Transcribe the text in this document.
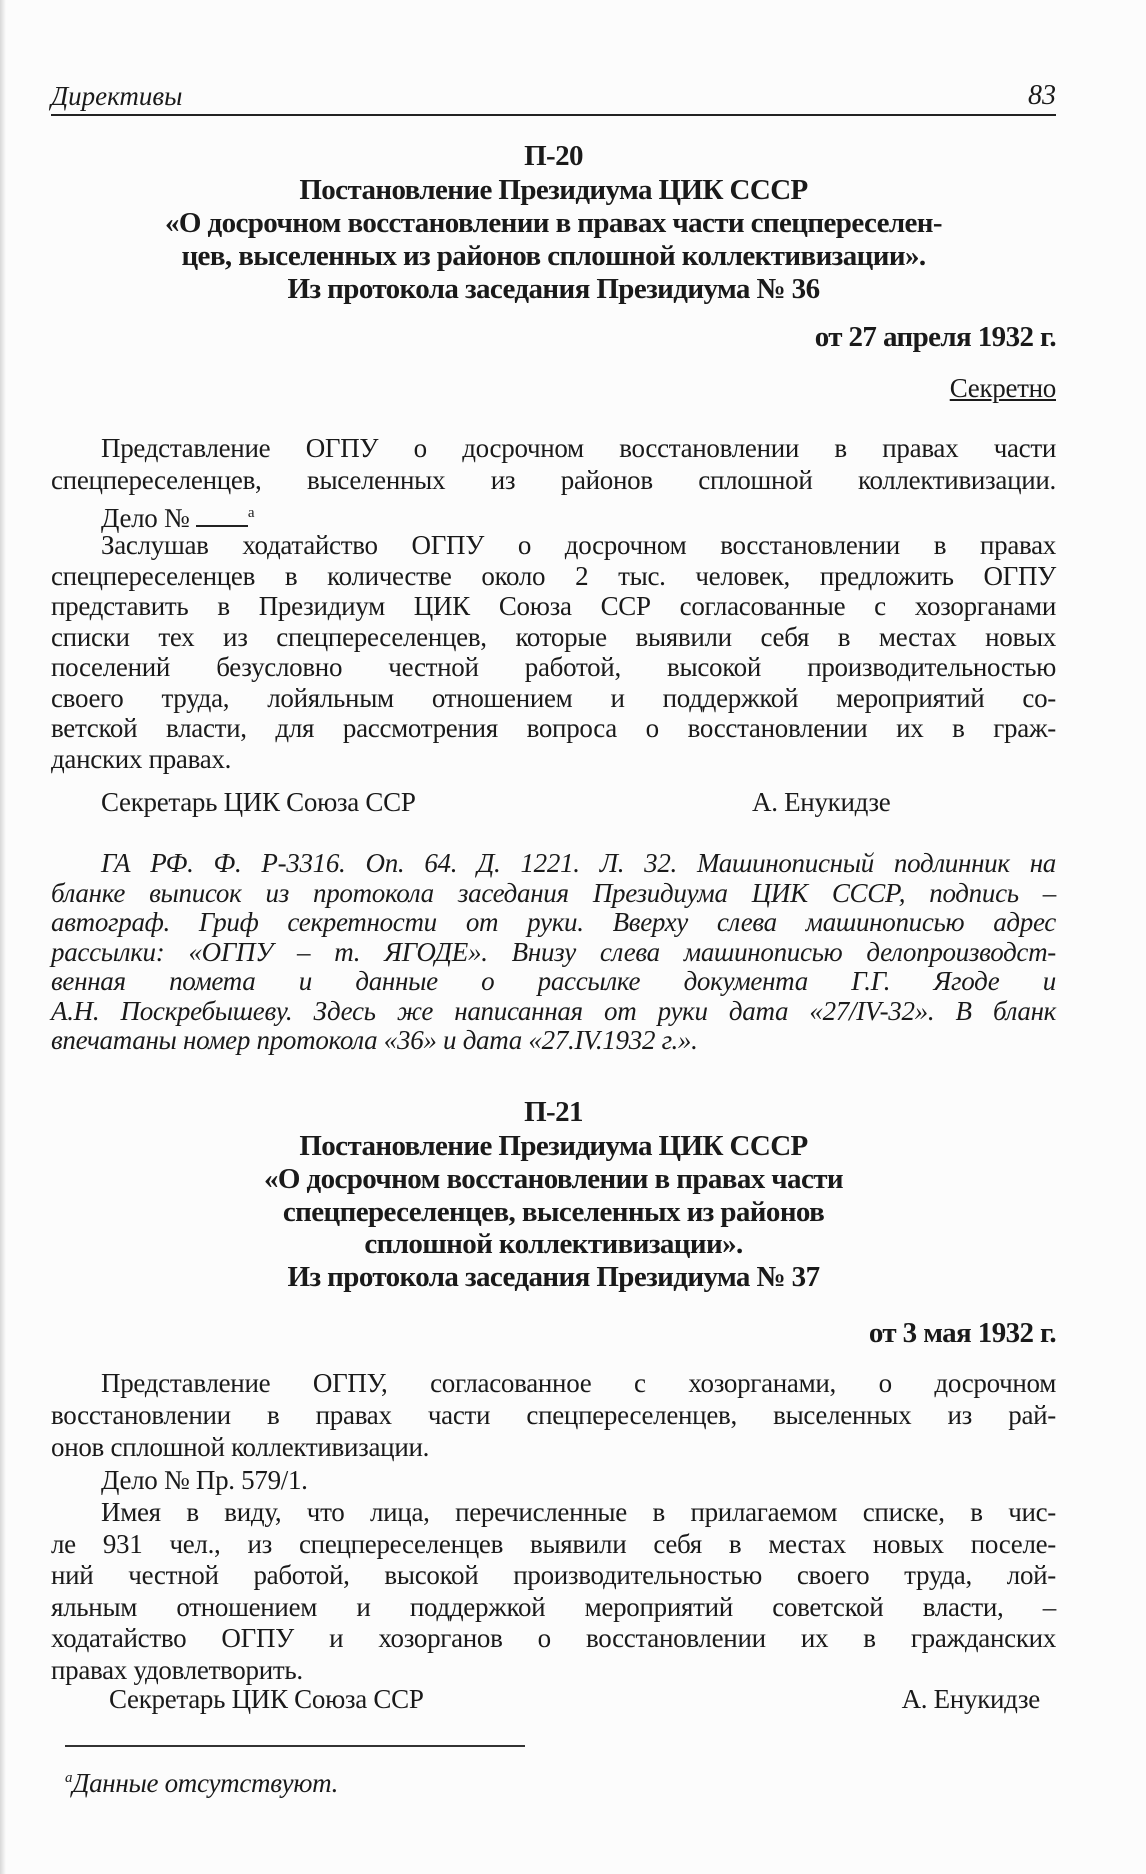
Директивы	83
П-20
Постановление Президиума ЦИК СССР
«О досрочном восстановлении в правах части спецпереселен-
цев, выселенных из районов сплошной коллективизации».
Из протокола заседания Президиума № 36
от 27 апреля 1932 г.
Секретно
Представление ОГПУ о досрочном восстановлении в правах части
спецпереселенцев, выселенных из районов сплошной коллективизации.
Заслушав ходатайство ОГПУ о досрочном восстановлении в правах
спецпереселенцев в количестве около 2 тыс. человек, предложить ОГПУ
представить в Президиум ЦИК Союза ССР согласованные с хозорганами
списки тех из спецпереселенцев, которые выявили себя в местах новых
поселений безусловно честной работой, высокой производительностью
своего труда, лойяльным отношением и поддержкой мероприятий со-
ветской власти, для рассмотрения вопроса о восстановлении их в граж-
данских правах.
Секретарь ЦИК Союза ССР	А. Енукидзе
ГА РФ. Ф. Р-3316. Оп. 64. Д. 1221. Л. 32. Машинописный подлинник на
бланке выписок из протокола заседания Президиума ЦИК СССР, подпись –
автограф. Гриф секретности от руки. Вверху слева машинописью адрес
рассылки: «ОГПУ – т. ЯГОДЕ». Внизу слева машинописью делопроизводст-
венная помета и данные о рассылке документа Г.Г. Ягоде и
А.Н. Поскребышеву. Здесь же написанная от руки дата «27/IV-32». В бланк
впечатаны номер протокола «36» и дата «27.IV.1932 г.».
П-21
Постановление Президиума ЦИК СССР
«О досрочном восстановлении в правах части
спецпереселенцев, выселенных из районов
сплошной коллективизации».
Из протокола заседания Президиума № 37
от 3 мая 1932 г.
Представление ОГПУ, согласованное с хозорганами, о досрочном
восстановлении в правах части спецпереселенцев, выселенных из рай-
онов сплошной коллективизации.
Дело № Пр. 579/1.
Имея в виду, что лица, перечисленные в прилагаемом списке, в чис-
ле 931 чел., из спецпереселенцев выявили себя в местах новых поселе-
ний честной работой, высокой производительностью своего труда, лой-
яльным отношением и поддержкой мероприятий советской власти, –
ходатайство ОГПУ и хозорганов о восстановлении их в гражданских
правах удовлетворить.
Секретарь ЦИК Союза ССР	А. Енукидзе
Дело №	$^а$
$^а$Данные отсутствуют.
